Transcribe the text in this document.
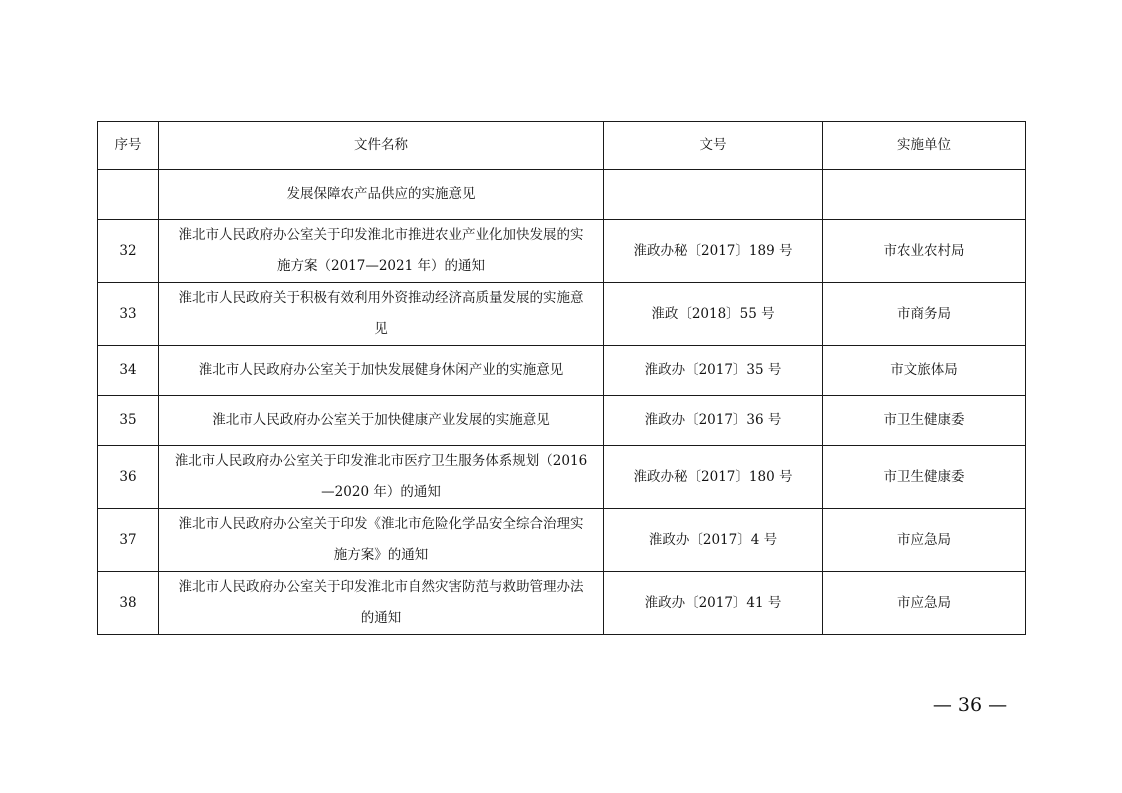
序号	文件名称	文号	实施单位
	发展保障农产品供应的实施意见		
32	淮北市人民政府办公室关于印发淮北市推进农业产业化加快发展的实施方案（2017—2021 年）的通知	淮政办秘〔2017〕189 号	市农业农村局
33	淮北市人民政府关于积极有效利用外资推动经济高质量发展的实施意见	淮政〔2018〕55 号	市商务局
34	淮北市人民政府办公室关于加快发展健身休闲产业的实施意见	淮政办〔2017〕35 号	市文旅体局
35	淮北市人民政府办公室关于加快健康产业发展的实施意见	淮政办〔2017〕36 号	市卫生健康委
36	淮北市人民政府办公室关于印发淮北市医疗卫生服务体系规划（2016—2020 年）的通知	淮政办秘〔2017〕180 号	市卫生健康委
37	淮北市人民政府办公室关于印发《淮北市危险化学品安全综合治理实施方案》的通知	淮政办〔2017〕4 号	市应急局
38	淮北市人民政府办公室关于印发淮北市自然灾害防范与救助管理办法的通知	淮政办〔2017〕41 号	市应急局
— 36 —
